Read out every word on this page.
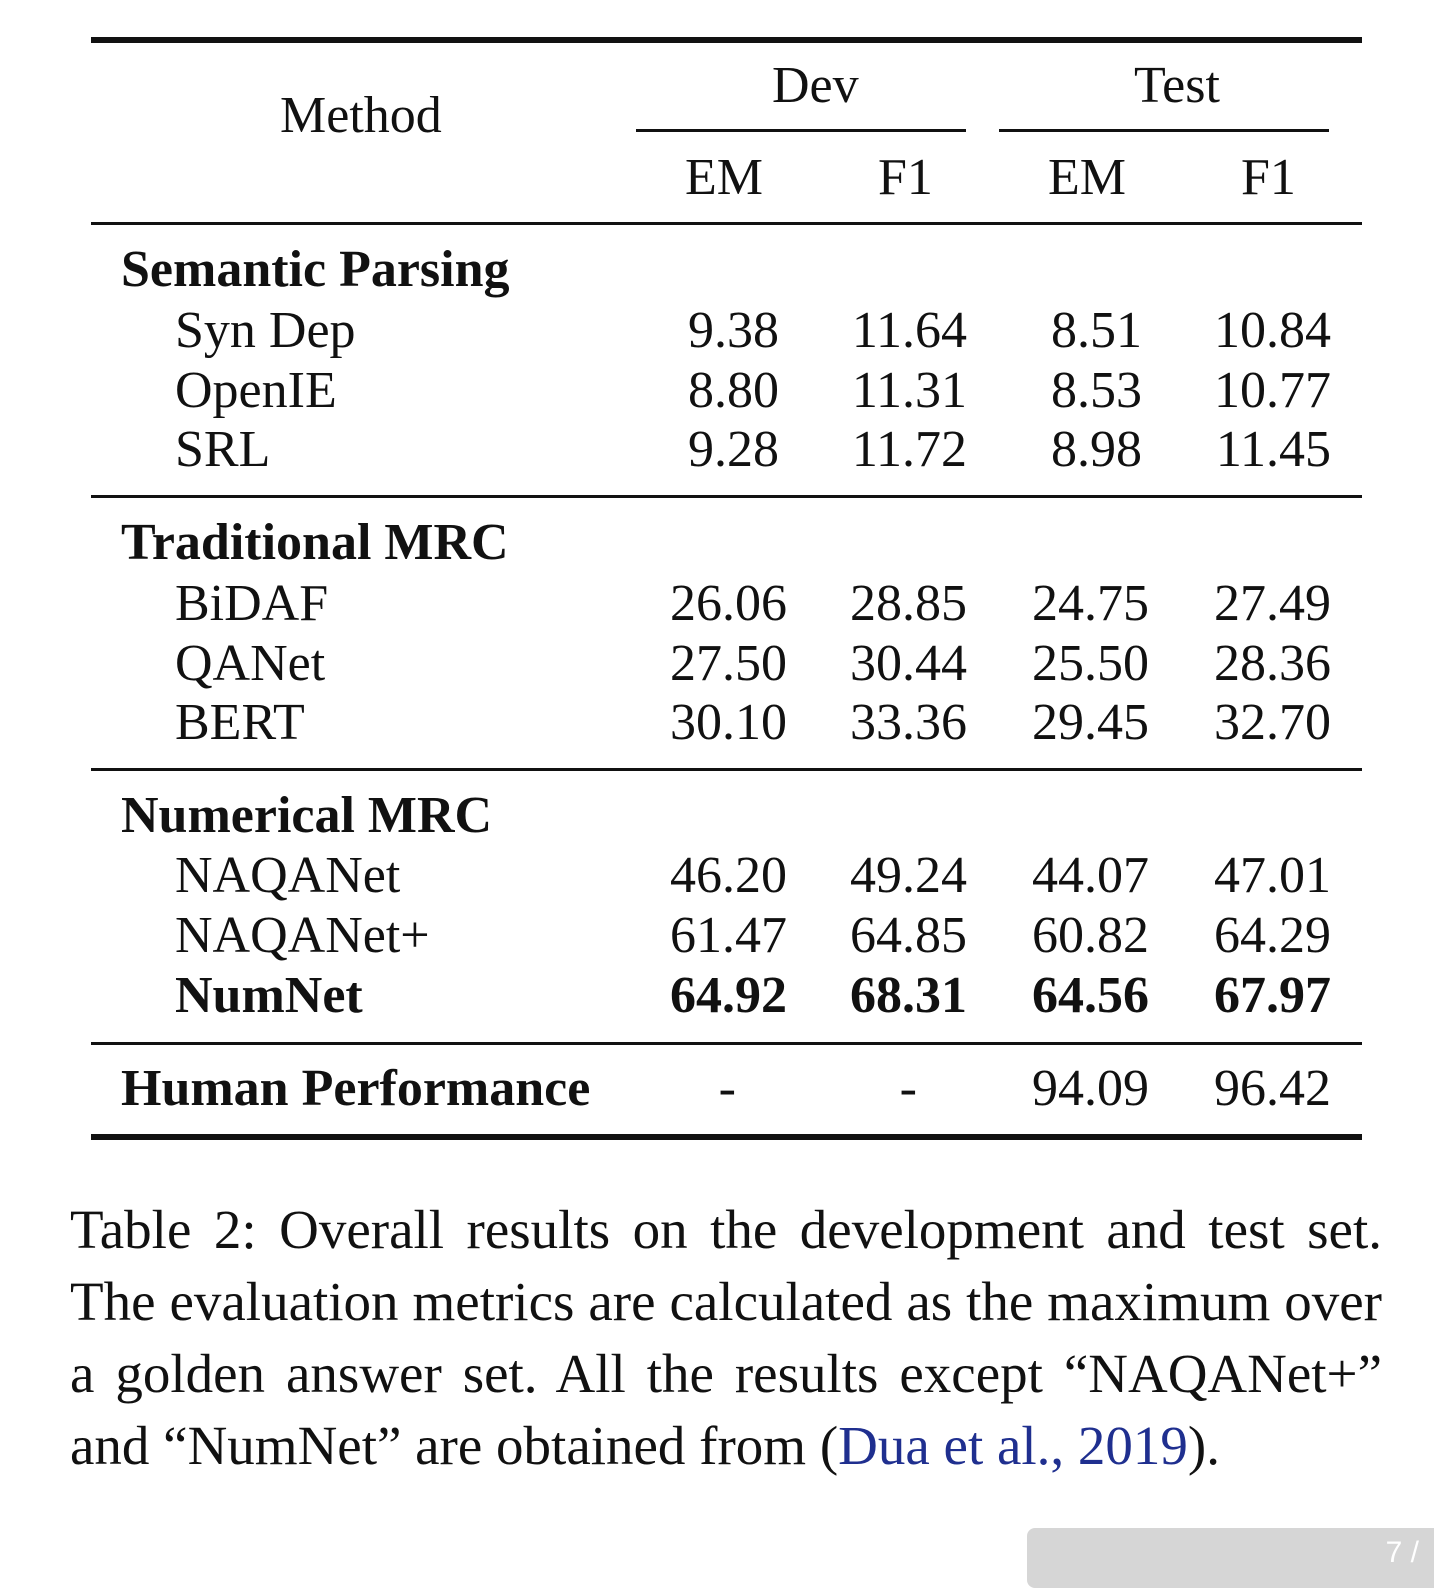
Method
Dev	Test
EM F1 EM F1
Semantic Parsing
Syn Dep	9.38 11.64 8.51 10.84
OpenIE	8.80 11.31 8.53 10.77
SRL	9.28 11.72 8.98 11.45
Traditional MRC
BiDAF	26.06 28.85 24.75 27.49
QANet	27.50 30.44 25.50 28.36
BERT	30.10 33.36 29.45 32.70
Numerical MRC
NAQANet	46.20 49.24 44.07 47.01
NAQANet+	61.47 64.85 60.82 64.29
NumNet	64.92 68.31 64.56 67.97
Human Performance -	- 94.09 96.42
Table 2: Overall results on the development and test set. The evaluation metrics are calculated as the maximum over a golden answer set. All the results except “NAQANet+” and “NumNet” are obtained from (Dua et al., 2019).
7 /
